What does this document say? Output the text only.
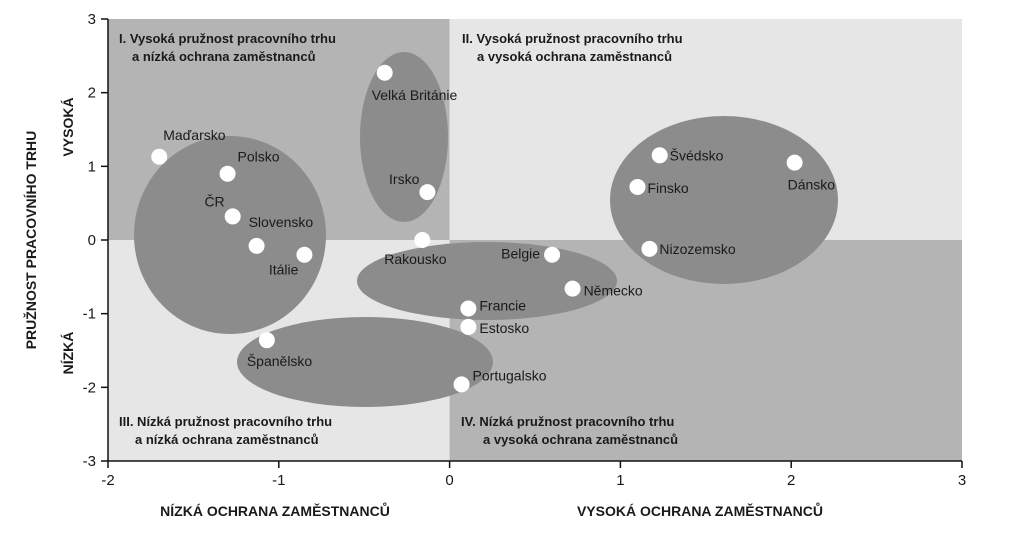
-2	-1	0	1	2	3
3
2
1
0
-1
-2
-3
NÍZKÁ OCHRANA ZAMĚSTNANCŮ	VYSOKÁ OCHRANA ZAMĚSTNANCŮ
PRUŽNOST PRACOVNÍHO TRHU
VYSOKÁ
NÍZKÁ
I. Vysoká pružnost pracovního trhu
a nízká ochrana zaměstnanců
II. Vysoká pružnost pracovního trhu
a vysoká ochrana zaměstnanců
III. Nízká pružnost pracovního trhu
a nízká ochrana zaměstnanců
IV. Nízká pružnost pracovního trhu
a vysoká ochrana zaměstnanců
Maďarsko
Polsko
ČR
Slovensko
Itálie
Velká Británie
Irsko
Rakousko	Belgie
Německo
Francie
Estosko
Španělsko
Portugalsko
Švédsko
Dánsko
Finsko
Nizozemsko
